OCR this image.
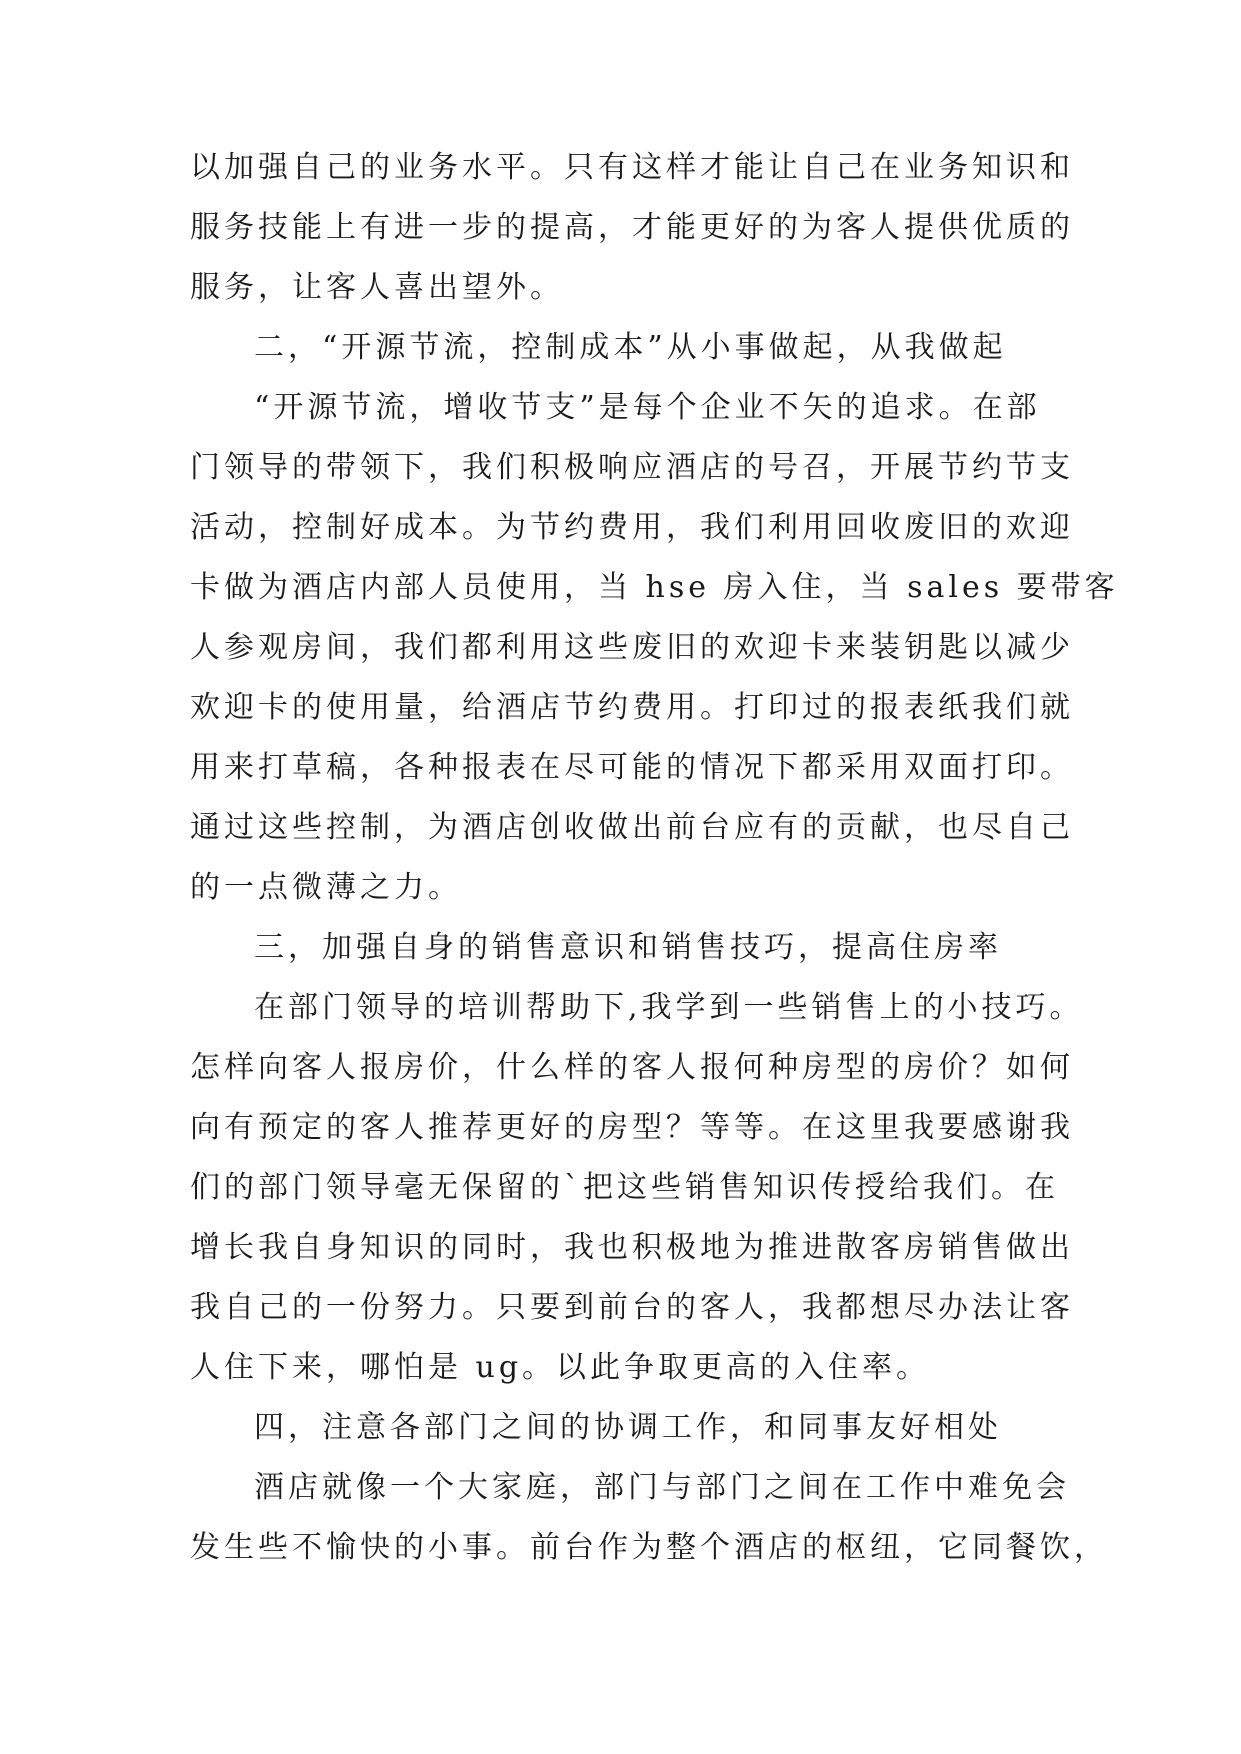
以加强自己的业务水平。只有这样才能让自己在业务知识和
服务技能上有进一步的提高，才能更好的为客人提供优质的
服务，让客人喜出望外。
二，“开源节流，控制成本”从小事做起，从我做起
“开源节流，增收节支”是每个企业不矢的追求。在部
门领导的带领下，我们积极响应酒店的号召，开展节约节支
活动，控制好成本。为节约费用，我们利用回收废旧的欢迎
卡做为酒店内部人员使用，当 hse 房入住，当 sales 要带客
人参观房间，我们都利用这些废旧的欢迎卡来装钥匙以减少
欢迎卡的使用量，给酒店节约费用。打印过的报表纸我们就
用来打草稿，各种报表在尽可能的情况下都采用双面打印。
通过这些控制，为酒店创收做出前台应有的贡献，也尽自己
的一点微薄之力。
三，加强自身的销售意识和销售技巧，提高住房率
在部门领导的培训帮助下,我学到一些销售上的小技巧。
怎样向客人报房价，什么样的客人报何种房型的房价？如何
向有预定的客人推荐更好的房型？等等。在这里我要感谢我
们的部门领导毫无保留的`把这些销售知识传授给我们。在
增长我自身知识的同时，我也积极地为推进散客房销售做出
我自己的一份努力。只要到前台的客人，我都想尽办法让客
人住下来，哪怕是 ug。以此争取更高的入住率。
四，注意各部门之间的协调工作，和同事友好相处
酒店就像一个大家庭，部门与部门之间在工作中难免会
发生些不愉快的小事。前台作为整个酒店的枢纽，它同餐饮，
